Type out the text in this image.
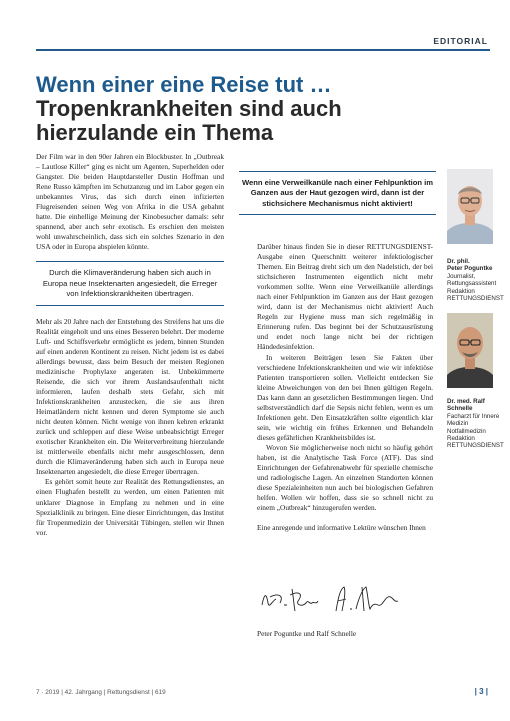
EDITORIAL
Wenn einer eine Reise tut …
Tropenkrankheiten sind auch hierzulande ein Thema

Der Film war in den 90er Jahren ein Blockbuster. In „Outbreak – Lautlose Killer“ ging es nicht um Agenten, Superhelden oder Gangster. Die beiden Hauptdarsteller Dustin Hoffman und Rene Russo kämpften im Schutzanzug und im Labor gegen ein unbekanntes Virus, das sich durch einen infizierten Flugreisenden seinen Weg von Afrika in die USA gebahnt hatte. Die einhellige Meinung der Kinobesucher damals: sehr spannend, aber auch sehr exotisch. Es erschien den meisten wohl unwahrscheinlich, dass sich ein solches Szenario in den USA oder in Europa abspielen könnte.

Durch die Klimaveränderung haben sich auch in Europa neue Insektenarten angesiedelt, die Erreger von Infektionskrankheiten übertragen.

Mehr als 20 Jahre nach der Entstehung des Streifens hat uns die Realität eingeholt und uns eines Besseren belehrt. Der moderne Luft- und Schiffsverkehr ermöglicht es jedem, binnen Stunden auf einen anderen Kontinent zu reisen. Nicht jedem ist es dabei allerdings bewusst, dass beim Besuch der meisten Regionen medizinische Prophylaxe angeraten ist. Unbekümmerte Reisende, die sich vor ihrem Auslandsaufenthalt nicht informieren, laufen deshalb stets Gefahr, sich mit Infektionskrankheiten anzustecken, die sie aus ihren Heimatländern nicht kennen und deren Symptome sie auch nicht deuten können. Nicht wenige von ihnen kehren erkrankt zurück und schleppen auf diese Weise unbeabsichtigt Erreger exotischer Krankheiten ein. Die Weiterverbreitung hierzulande ist mittlerweile ebenfalls nicht mehr ausgeschlossen, denn durch die Klimaveränderung haben sich auch in Europa neue Insektenarten angesiedelt, die diese Erreger übertragen.

Es gehört somit heute zur Realität des Rettungsdienstes, an einen Flughafen bestellt zu werden, um einen Patienten mit unklarer Diagnose in Empfang zu nehmen und in eine Spezialklinik zu bringen. Eine dieser Einrichtungen, das Institut für Tropenmedizin der Universität Tübingen, stellen wir Ihnen vor.

Wenn eine Verweilkanüle nach einer Fehlpunktion im Ganzen aus der Haut gezogen wird, dann ist der stichsichere Mechanismus nicht aktiviert!

Darüber hinaus finden Sie in dieser RETTUNGSDIENST-Ausgabe einen Querschnitt weiterer infektiologischer Themen. Ein Beitrag dreht sich um den Nadelstich, der bei stichsicheren Instrumenten eigentlich nicht mehr vorkommen sollte. Wenn eine Verweilkanüle allerdings nach einer Fehlpunktion im Ganzen aus der Haut gezogen wird, dann ist der Mechanismus nicht aktiviert! Auch Regeln zur Hygiene muss man sich regelmäßig in Erinnerung rufen. Das beginnt bei der Schutzausrüstung und endet noch lange nicht bei der richtigen Händedesinfektion.

In weiteren Beiträgen lesen Sie Fakten über verschiedene Infektionskrankheiten und wie wir infektiöse Patienten transportieren sollen. Vielleicht entdecken Sie kleine Abweichungen von den bei Ihnen gültigen Regeln. Das kann dann an gesetzlichen Bestimmungen liegen. Und selbstverständlich darf die Sepsis nicht fehlen, wenn es um Infektionen geht. Den Einsatzkräften sollte eigentlich klar sein, wie wichtig ein frühes Erkennen und Behandeln dieses gefährlichen Krankheitsbildes ist.

Wovon Sie möglicherweise noch nicht so häufig gehört haben, ist die Analytische Task Force (ATF). Das sind Einrichtungen der Gefahrenabwehr für spezielle chemische und radiologische Lagen. An einzelnen Standorten können diese Spezialeinheiten nun auch bei biologischen Gefahren helfen. Wollen wir hoffen, dass sie so schnell nicht zu einem „Outbreak“ hinzugerufen werden.

Eine anregende und informative Lektüre wünschen Ihnen

Peter Poguntke und Ralf Schnelle
Dr. phil.
Peter Poguntke
Journalist,
Rettungsassistent
Redaktion
RETTUNGSDIENST
Dr. med. Ralf Schnelle
Facharzt für Innere
Medizin
Notfallmedizin
Redaktion
RETTUNGSDIENST
7 · 2019 | 42. Jahrgang | Rettungsdienst | 619	| 3 |
